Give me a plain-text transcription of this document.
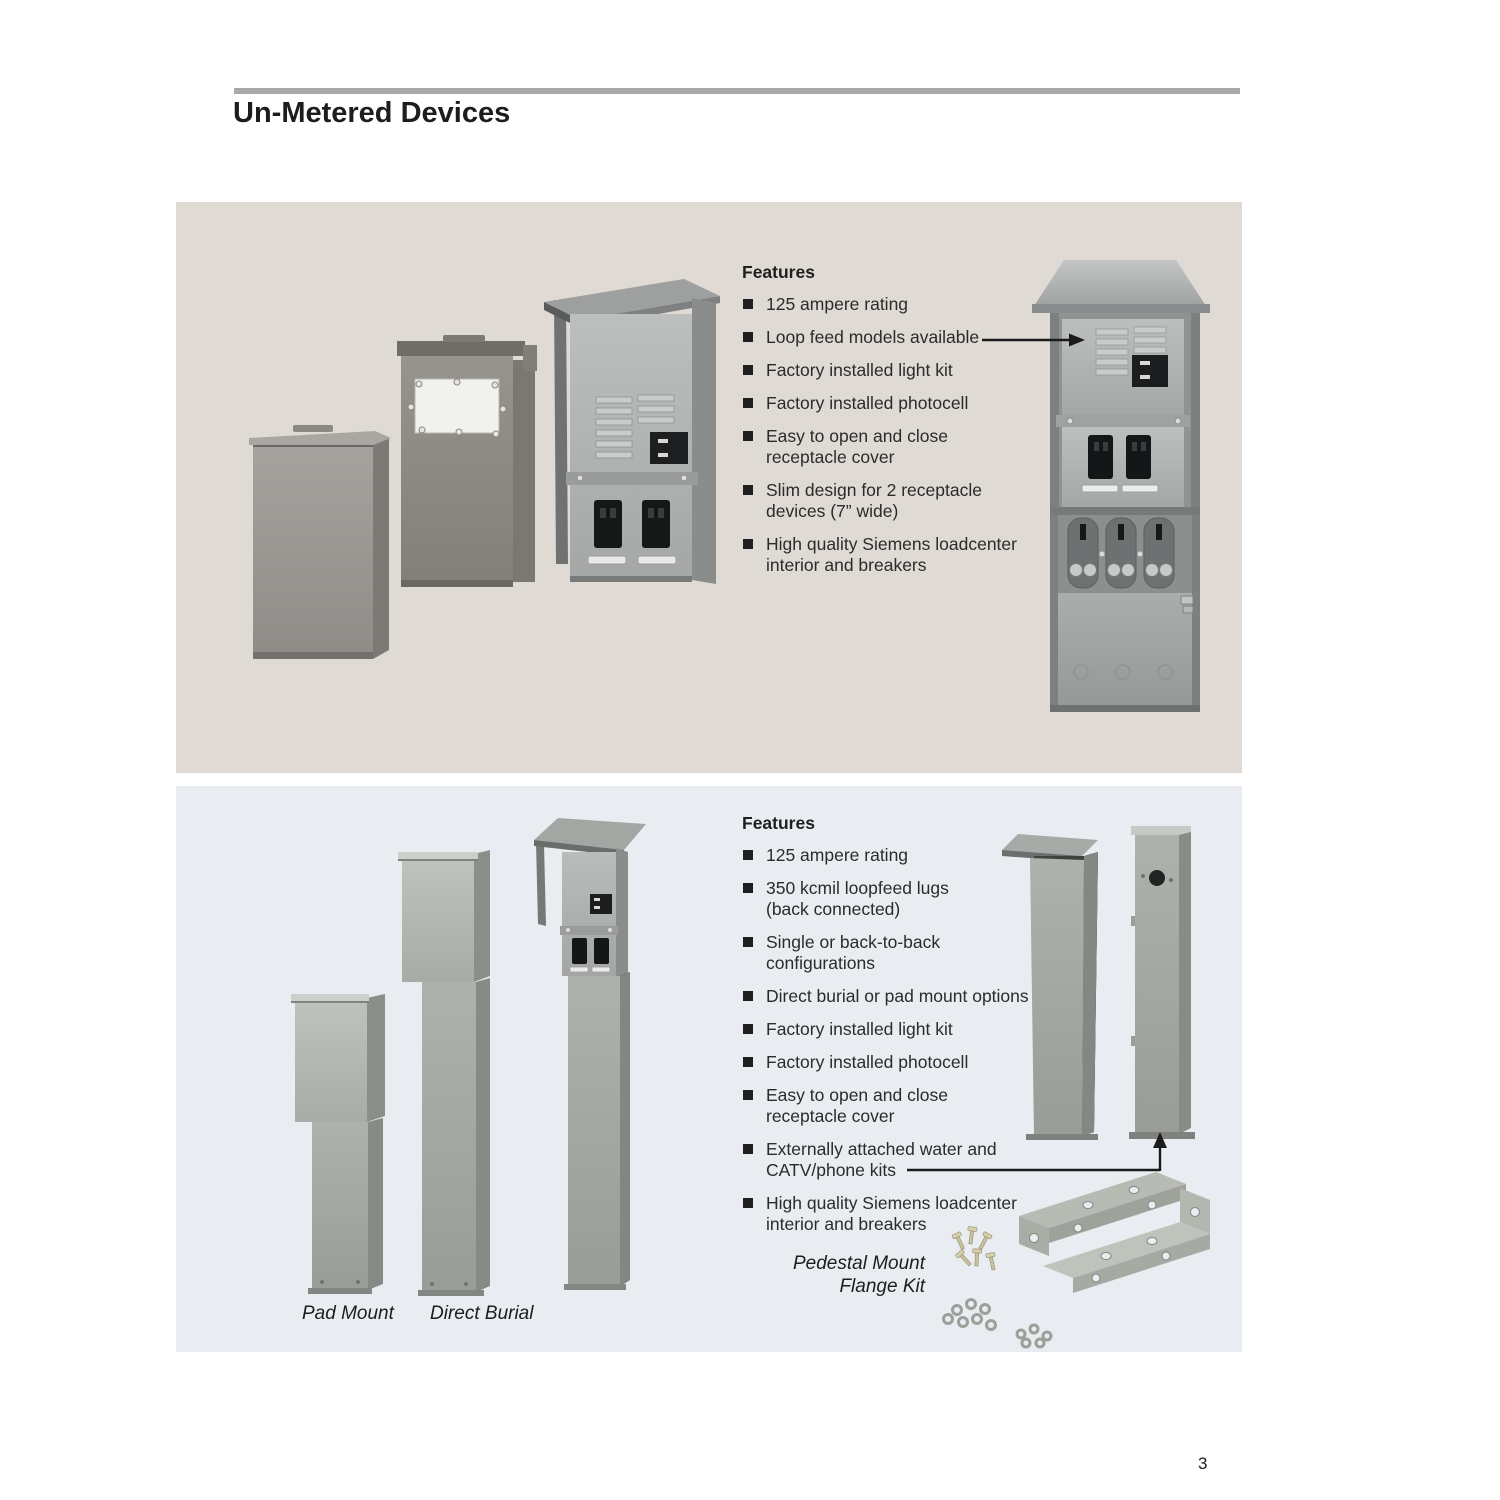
Un-Metered Devices
Features
125 ampere rating
Loop feed models available
Factory installed light kit
Factory installed photocell
Easy to open and close
receptacle cover
Slim design for 2 receptacle
devices (7” wide)
High quality Siemens loadcenter
interior and breakers
Features
125 ampere rating
350 kcmil loopfeed lugs
(back connected)
Single or back-to-back
configurations
Direct burial or pad mount options
Factory installed light kit
Factory installed photocell
Easy to open and close
receptacle cover
Externally attached water and
CATV/phone kits
High quality Siemens loadcenter
interior and breakers
Pad Mount Direct Burial
Pedestal Mount
Flange Kit
3
